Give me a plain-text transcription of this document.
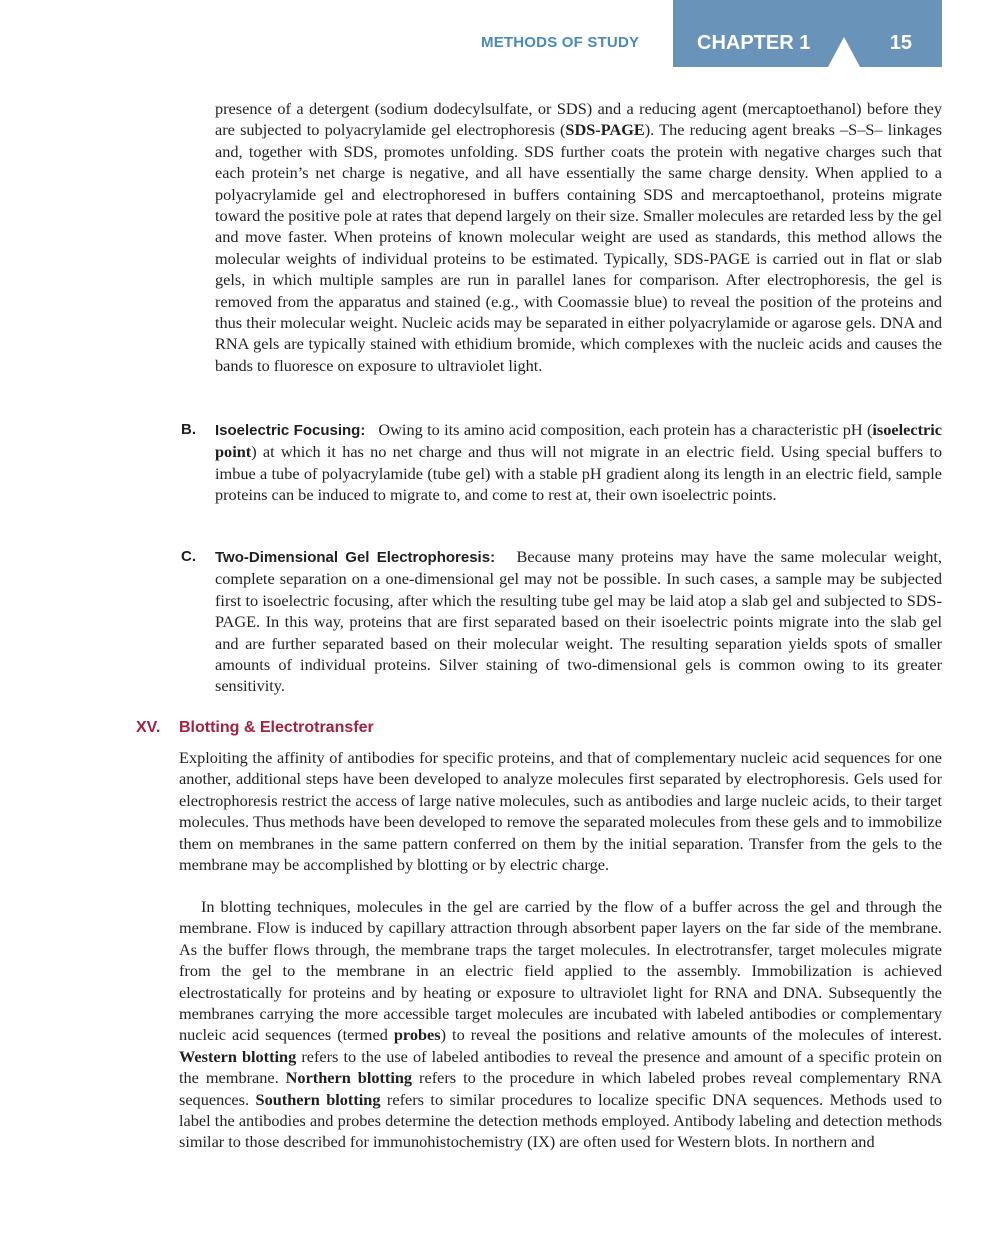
METHODS OF STUDY	CHAPTER 1	15

presence of a detergent (sodium dodecylsulfate, or SDS) and a reducing agent (mercaptoethanol) before they are subjected to polyacrylamide gel electrophoresis (SDS-PAGE). The reducing agent breaks –S–S– linkages and, together with SDS, promotes unfolding. SDS further coats the protein with negative charges such that each protein’s net charge is negative, and all have essentially the same charge density. When applied to a polyacrylamide gel and electrophoresed in buffers containing SDS and mercaptoethanol, proteins migrate toward the positive pole at rates that depend largely on their size. Smaller molecules are retarded less by the gel and move faster. When proteins of known molecular weight are used as standards, this method allows the molecular weights of individual proteins to be estimated. Typically, SDS-PAGE is carried out in flat or slab gels, in which multiple samples are run in parallel lanes for comparison. After electrophoresis, the gel is removed from the apparatus and stained (e.g., with Coomassie blue) to reveal the position of the proteins and thus their molecular weight. Nucleic acids may be separated in either polyacrylamide or agarose gels. DNA and RNA gels are typically stained with ethidium bromide, which complexes with the nucleic acids and causes the bands to fluoresce on exposure to ultraviolet light.

B. Isoelectric Focusing: Owing to its amino acid composition, each protein has a characteristic pH (isoelectric point) at which it has no net charge and thus will not migrate in an electric field. Using special buffers to imbue a tube of polyacrylamide (tube gel) with a stable pH gradient along its length in an electric field, sample proteins can be induced to migrate to, and come to rest at, their own isoelectric points.

C. Two-Dimensional Gel Electrophoresis: Because many proteins may have the same molecular weight, complete separation on a one-dimensional gel may not be possible. In such cases, a sample may be subjected first to isoelectric focusing, after which the resulting tube gel may be laid atop a slab gel and subjected to SDS-PAGE. In this way, proteins that are first separated based on their isoelectric points migrate into the slab gel and are further separated based on their molecular weight. The resulting separation yields spots of smaller amounts of individual proteins. Silver staining of two-dimensional gels is common owing to its greater sensitivity.

XV. Blotting & Electrotransfer

Exploiting the affinity of antibodies for specific proteins, and that of complementary nucleic acid sequences for one another, additional steps have been developed to analyze molecules first separated by electrophoresis. Gels used for electrophoresis restrict the access of large native molecules, such as antibodies and large nucleic acids, to their target molecules. Thus methods have been developed to remove the separated molecules from these gels and to immobilize them on membranes in the same pattern conferred on them by the initial separation. Transfer from the gels to the membrane may be accomplished by blotting or by electric charge.

In blotting techniques, molecules in the gel are carried by the flow of a buffer across the gel and through the membrane. Flow is induced by capillary attraction through absorbent paper layers on the far side of the membrane. As the buffer flows through, the membrane traps the target molecules. In electrotransfer, target molecules migrate from the gel to the membrane in an electric field applied to the assembly. Immobilization is achieved electrostatically for proteins and by heating or exposure to ultraviolet light for RNA and DNA. Subsequently the membranes carrying the more accessible target molecules are incubated with labeled antibodies or complementary nucleic acid sequences (termed probes) to reveal the positions and relative amounts of the molecules of interest. Western blotting refers to the use of labeled antibodies to reveal the presence and amount of a specific protein on the membrane. Northern blotting refers to the procedure in which labeled probes reveal complementary RNA sequences. Southern blotting refers to similar procedures to localize specific DNA sequences. Methods used to label the antibodies and probes determine the detection methods employed. Antibody labeling and detection methods similar to those described for immunohistochemistry (IX) are often used for Western blots. In northern and
